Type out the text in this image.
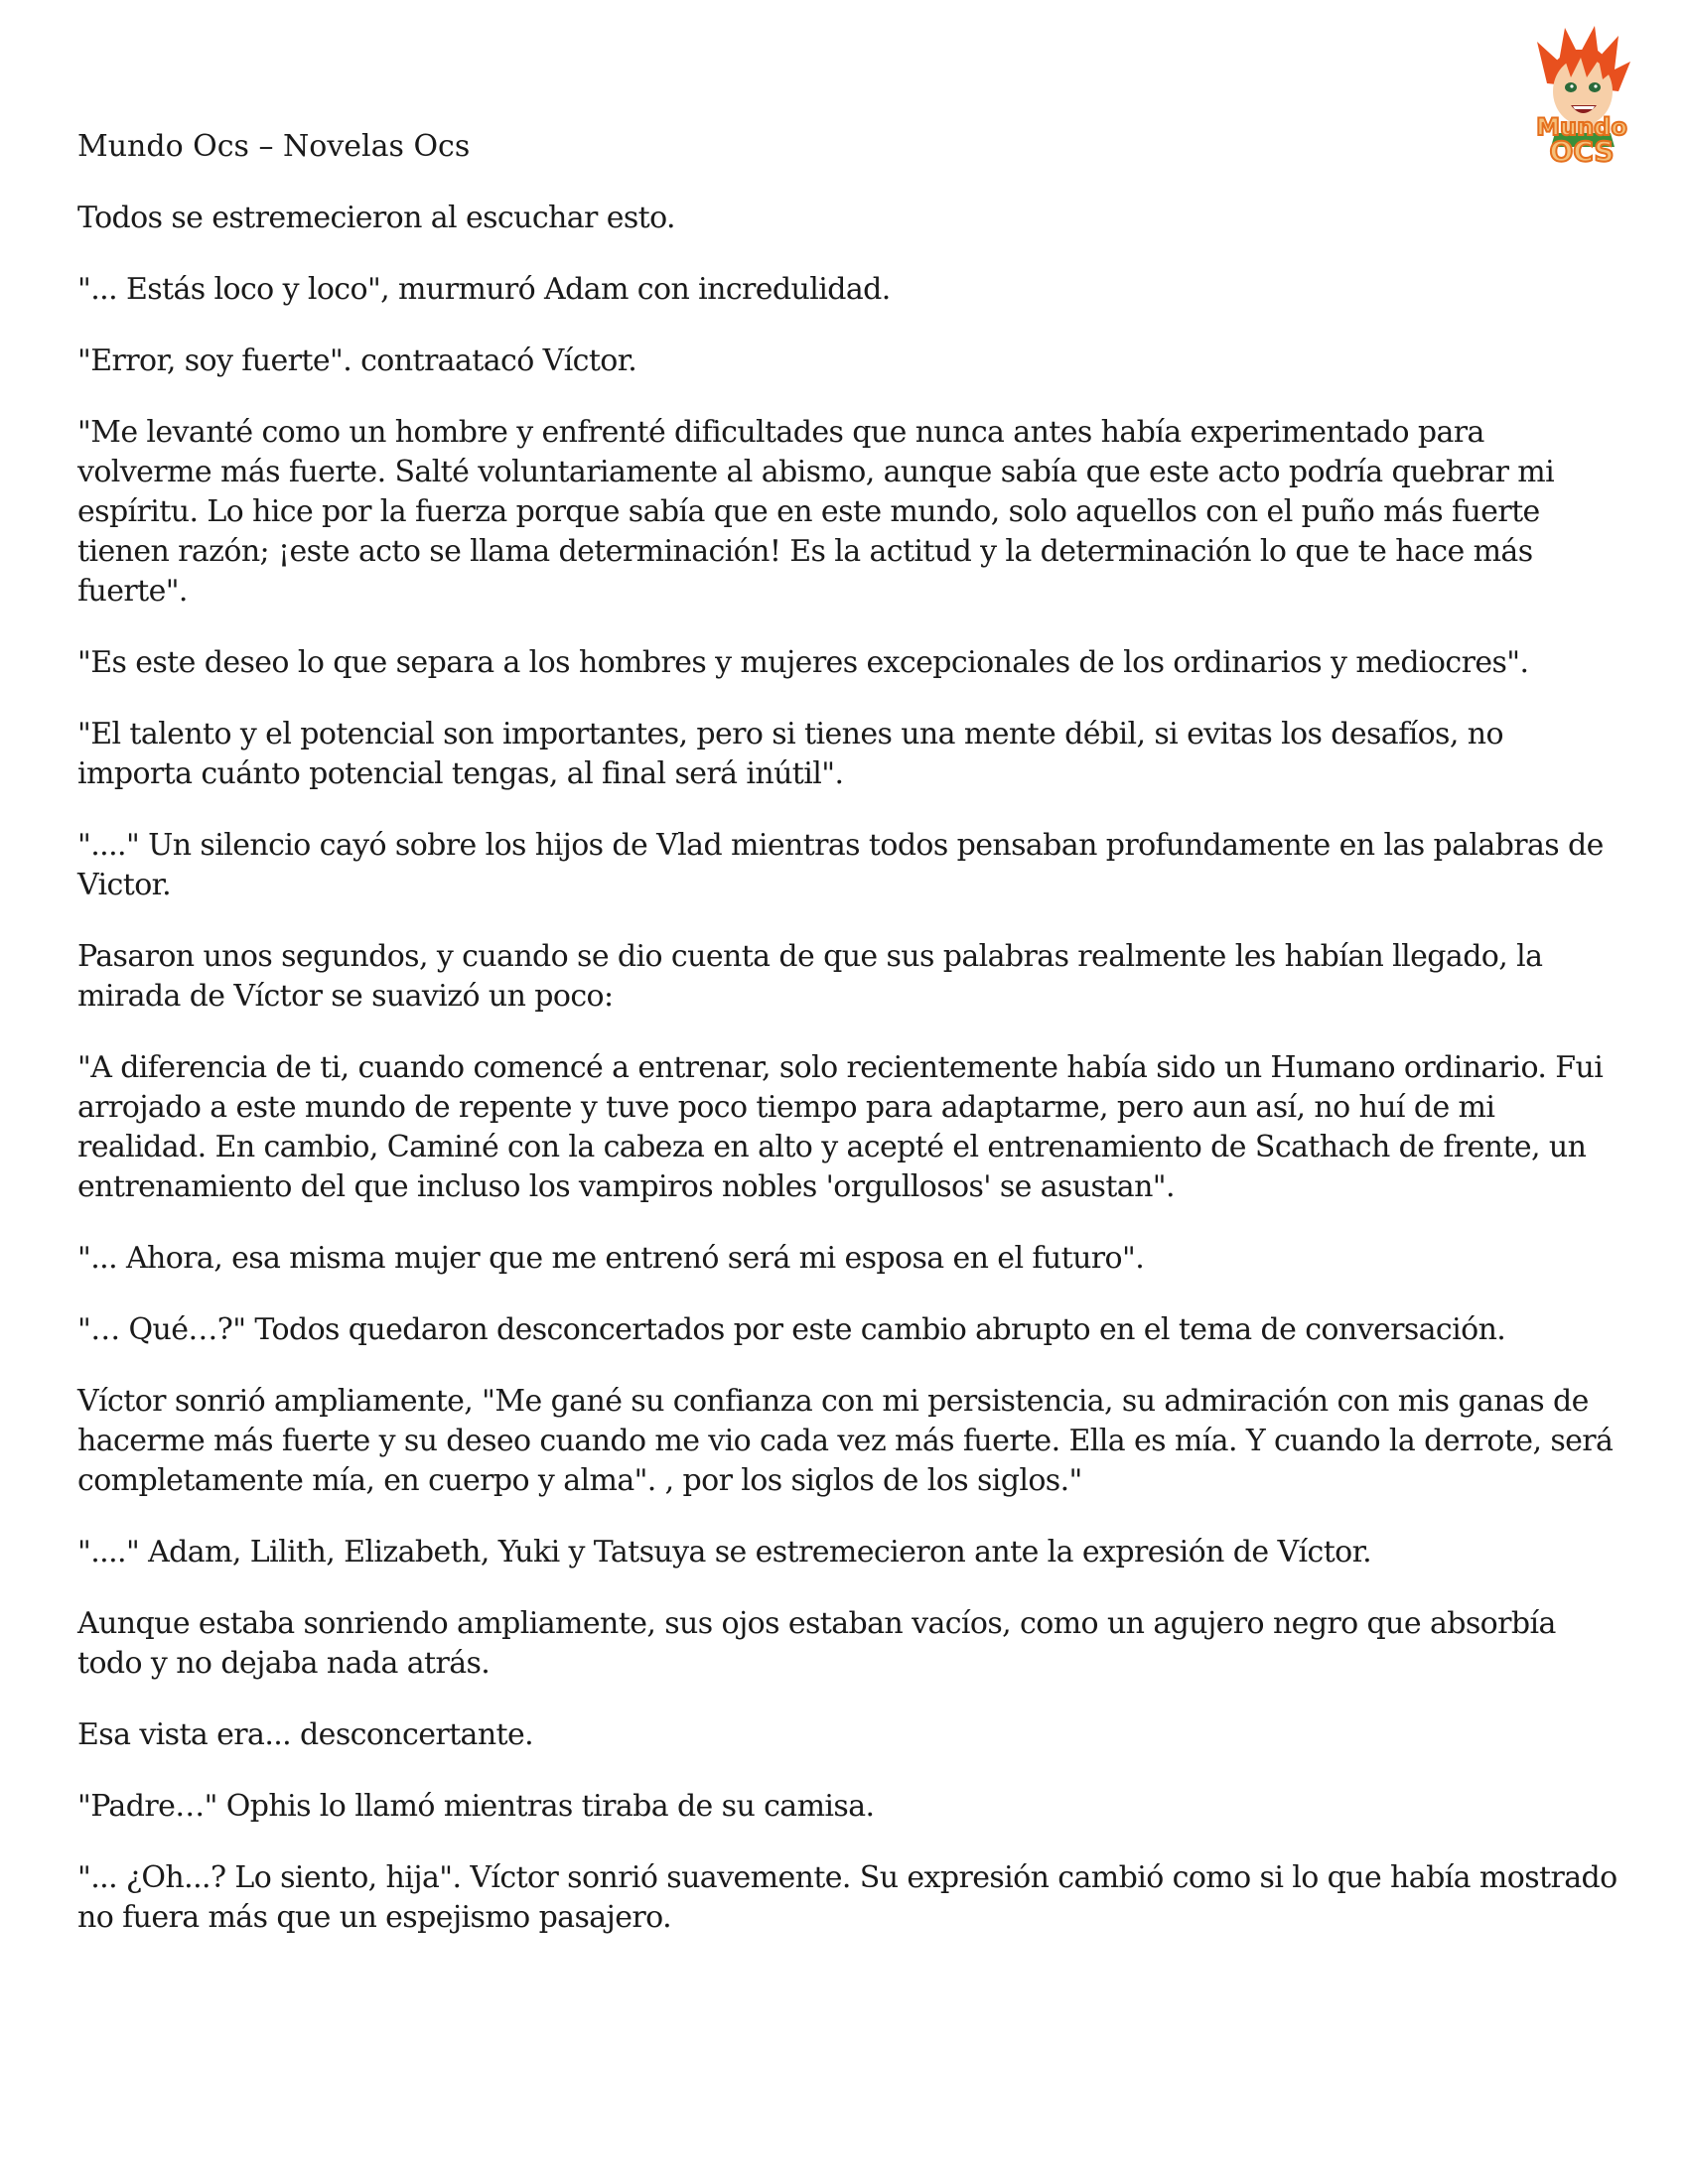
Mundo
OCS

Mundo Ocs – Novelas Ocs

Todos se estremecieron al escuchar esto.

"... Estás loco y loco", murmuró Adam con incredulidad.

"Error, soy fuerte". contraatacó Víctor.

"Me levanté como un hombre y enfrenté dificultades que nunca antes había experimentado para volverme más fuerte. Salté voluntariamente al abismo, aunque sabía que este acto podría quebrar mi espíritu. Lo hice por la fuerza porque sabía que en este mundo, solo aquellos con el puño más fuerte tienen razón; ¡este acto se llama determinación! Es la actitud y la determinación lo que te hace más fuerte".

"Es este deseo lo que separa a los hombres y mujeres excepcionales de los ordinarios y mediocres".

"El talento y el potencial son importantes, pero si tienes una mente débil, si evitas los desafíos, no importa cuánto potencial tengas, al final será inútil".

"...." Un silencio cayó sobre los hijos de Vlad mientras todos pensaban profundamente en las palabras de Victor.

Pasaron unos segundos, y cuando se dio cuenta de que sus palabras realmente les habían llegado, la mirada de Víctor se suavizó un poco:

"A diferencia de ti, cuando comencé a entrenar, solo recientemente había sido un Humano ordinario. Fui arrojado a este mundo de repente y tuve poco tiempo para adaptarme, pero aun así, no huí de mi realidad. En cambio, Caminé con la cabeza en alto y acepté el entrenamiento de Scathach de frente, un entrenamiento del que incluso los vampiros nobles 'orgullosos' se asustan".

"... Ahora, esa misma mujer que me entrenó será mi esposa en el futuro".

"… Qué…?" Todos quedaron desconcertados por este cambio abrupto en el tema de conversación.

Víctor sonrió ampliamente, "Me gané su confianza con mi persistencia, su admiración con mis ganas de hacerme más fuerte y su deseo cuando me vio cada vez más fuerte. Ella es mía. Y cuando la derrote, será completamente mía, en cuerpo y alma". , por los siglos de los siglos."

"...." Adam, Lilith, Elizabeth, Yuki y Tatsuya se estremecieron ante la expresión de Víctor.

Aunque estaba sonriendo ampliamente, sus ojos estaban vacíos, como un agujero negro que absorbía todo y no dejaba nada atrás.

Esa vista era... desconcertante.

"Padre…" Ophis lo llamó mientras tiraba de su camisa.

"... ¿Oh...? Lo siento, hija". Víctor sonrió suavemente. Su expresión cambió como si lo que había mostrado no fuera más que un espejismo pasajero.
